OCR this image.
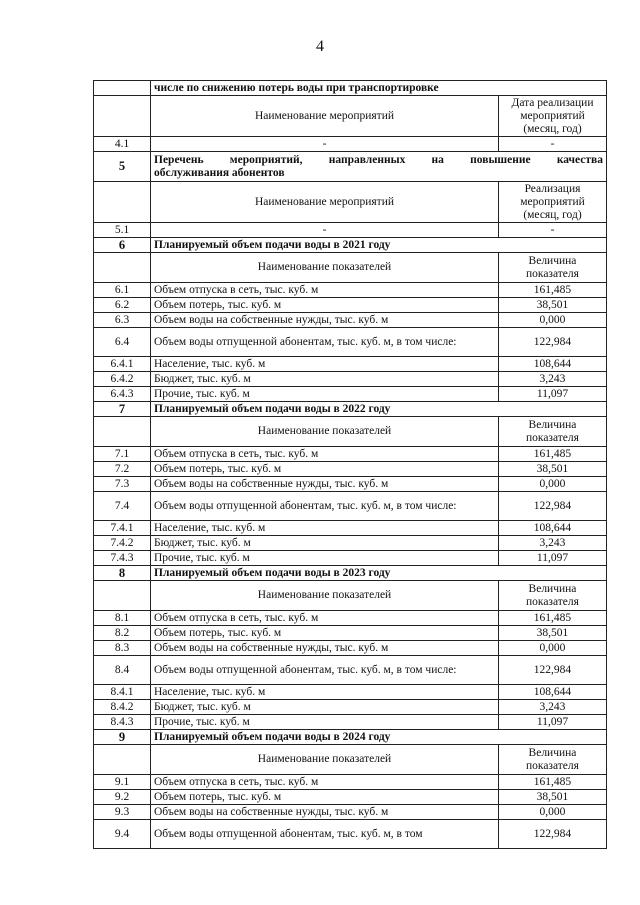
4
	числе по снижению потерь воды при транспортировке	
	Наименование мероприятий	Дата реализации мероприятий (месяц, год)
4.1	-	-
5	Перечень мероприятий, направленных на повышение качества
обслуживания абонентов	

	Наименование мероприятий	Реализация мероприятий (месяц, год)
5.1	-	-
6	Планируемый объем подачи воды в 2021 году	
	Наименование показателей	Величина показателя
6.1	Объем отпуска в сеть, тыс. куб. м	161,485
6.2	Объем потерь, тыс. куб. м	38,501
6.3	Объем воды на собственные нужды, тыс. куб. м	0,000
6.4	Объем воды отпущенной абонентам, тыс. куб. м, в том числе:	122,984
6.4.1	Население, тыс. куб. м	108,644
6.4.2	Бюджет, тыс. куб. м	3,243
6.4.3	Прочие, тыс. куб. м	11,097
7	Планируемый объем подачи воды в 2022 году	
	Наименование показателей	Величина показателя
7.1	Объем отпуска в сеть, тыс. куб. м	161,485
7.2	Объем потерь, тыс. куб. м	38,501
7.3	Объем воды на собственные нужды, тыс. куб. м	0,000
7.4	Объем воды отпущенной абонентам, тыс. куб. м, в том числе:	122,984
7.4.1	Население, тыс. куб. м	108,644
7.4.2	Бюджет, тыс. куб. м	3,243
7.4.3	Прочие, тыс. куб. м	11,097
8	Планируемый объем подачи воды в 2023 году	
	Наименование показателей	Величина показателя
8.1	Объем отпуска в сеть, тыс. куб. м	161,485
8.2	Объем потерь, тыс. куб. м	38,501
8.3	Объем воды на собственные нужды, тыс. куб. м	0,000
8.4	Объем воды отпущенной абонентам, тыс. куб. м, в том числе:	122,984
8.4.1	Население, тыс. куб. м	108,644
8.4.2	Бюджет, тыс. куб. м	3,243
8.4.3	Прочие, тыс. куб. м	11,097
9	Планируемый объем подачи воды в 2024 году	
	Наименование показателей	Величина показателя
9.1	Объем отпуска в сеть, тыс. куб. м	161,485
9.2	Объем потерь, тыс. куб. м	38,501
9.3	Объем воды на собственные нужды, тыс. куб. м	0,000
9.4	Объем воды отпущенной абонентам, тыс. куб. м, в том	122,984
